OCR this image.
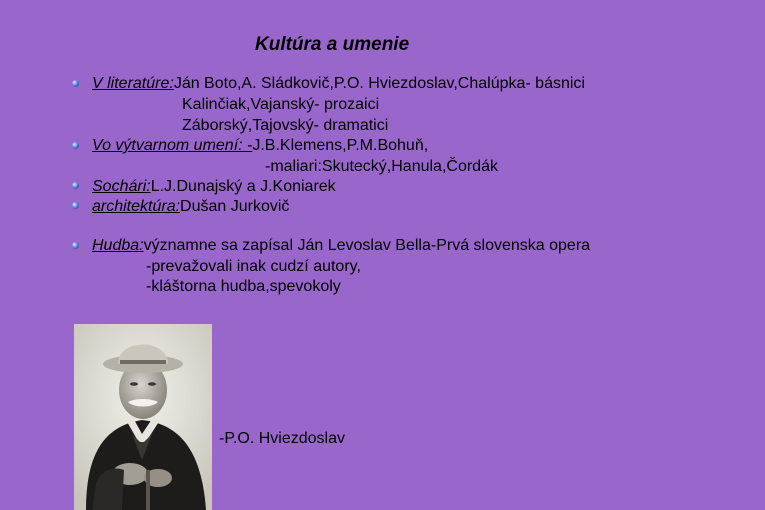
Kultúra a umenie
V literatúre:Ján Boto,A. Sládkovič,P.O. Hviezdoslav,Chalúpka- básnici
Kalinčiak,Vajanský- prozaici
Záborský,Tajovský- dramatici
Vo výtvarnom umení: -J.B.Klemens,P.M.Bohuň,
-maliari:Skutecký,Hanula,Čordák
Sochári:L.J.Dunajský a J.Koniarek
architektúra:Dušan Jurkovič
Hudba:významne sa zapísal Ján Levoslav Bella-Prvá slovenska opera
-prevažovali inak cudzí autory,
-kláštorna hudba,spevokoly
-P.O. Hviezdoslav
